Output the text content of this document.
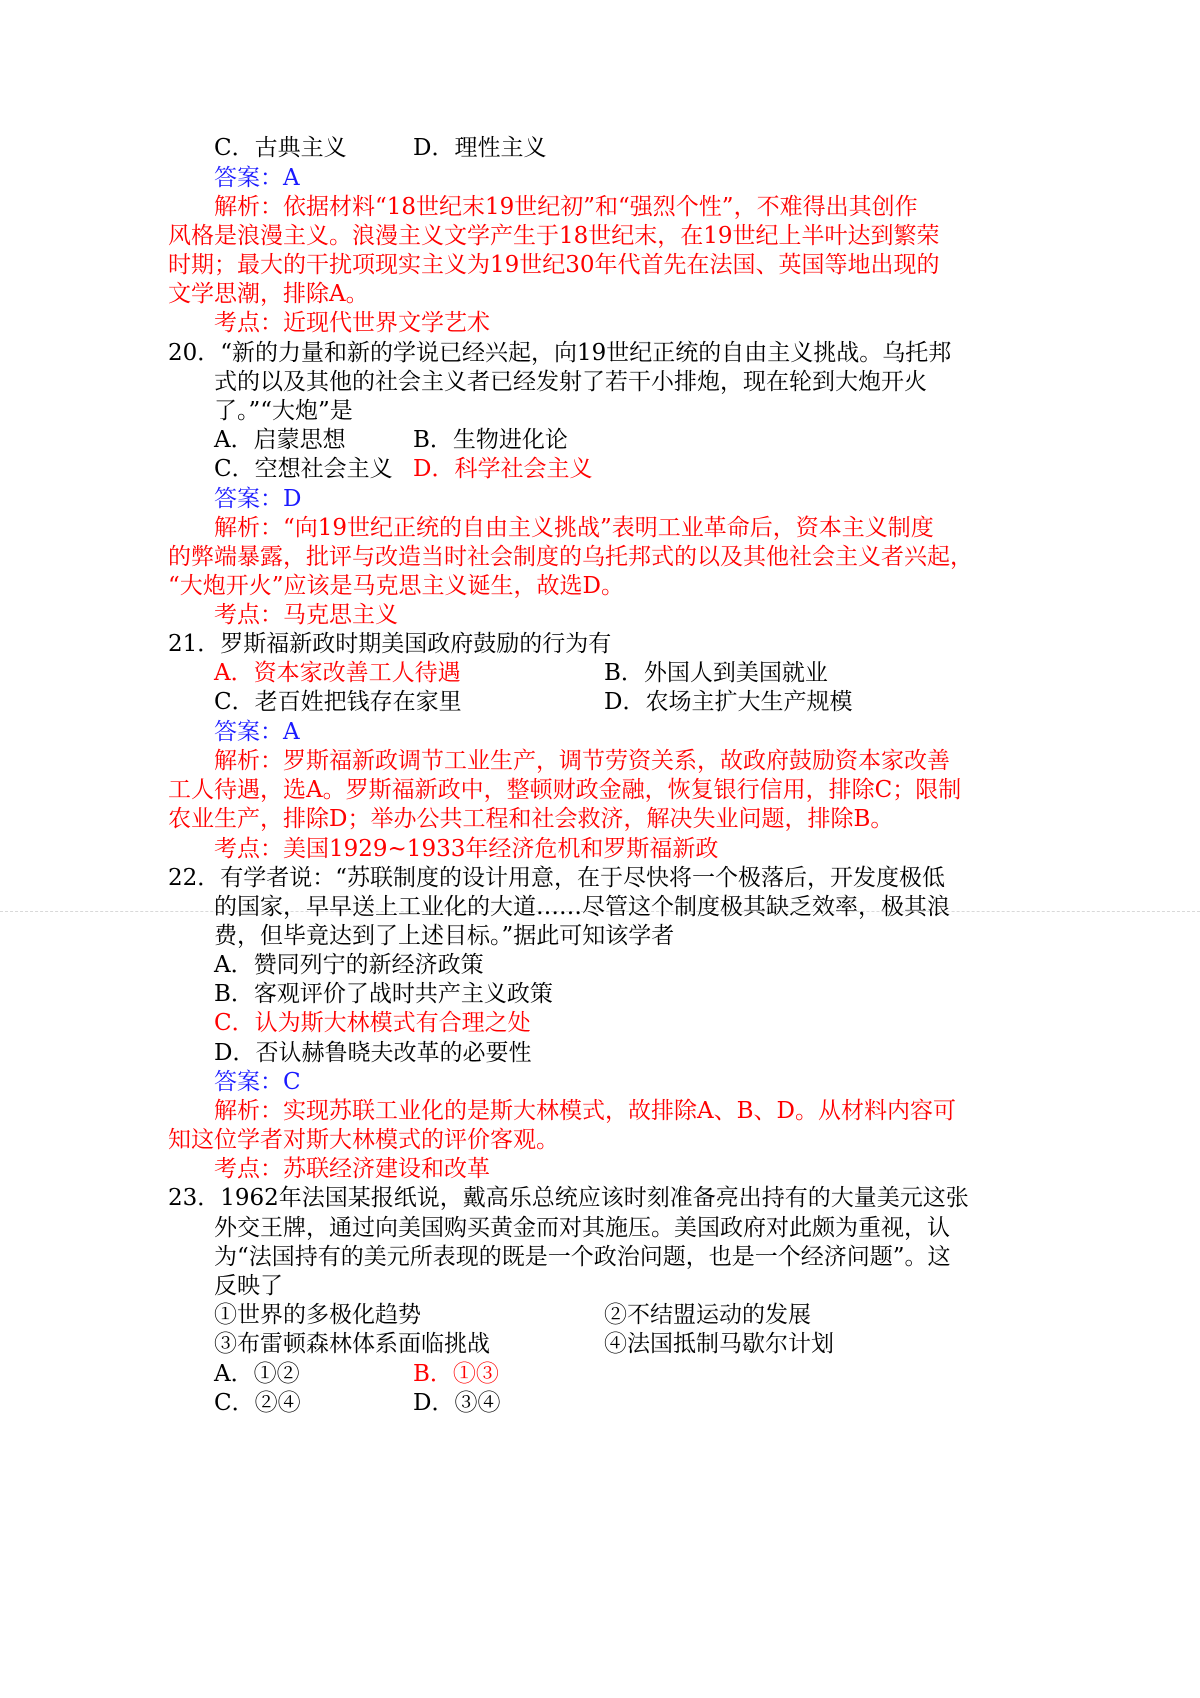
C．古典主义	D．理性主义
答案：A
解析：依据材料“18世纪末19世纪初”和“强烈个性”，不难得出其创作
风格是浪漫主义。浪漫主义文学产生于18世纪末，在19世纪上半叶达到繁荣
时期；最大的干扰项现实主义为19世纪30年代首先在法国、英国等地出现的
文学思潮，排除A。
考点：近现代世界文学艺术
20．“新的力量和新的学说已经兴起，向19世纪正统的自由主义挑战。乌托邦
式的以及其他的社会主义者已经发射了若干小排炮，现在轮到大炮开火
了。”“大炮”是
A．启蒙思想	B．生物进化论
C．空想社会主义 D．科学社会主义
答案：D
解析：“向19世纪正统的自由主义挑战”表明工业革命后，资本主义制度
的弊端暴露，批评与改造当时社会制度的乌托邦式的以及其他社会主义者兴起，
“大炮开火”应该是马克思主义诞生，故选D。
考点：马克思主义
21．罗斯福新政时期美国政府鼓励的行为有
A．资本家改善工人待遇	B．外国人到美国就业
C．老百姓把钱存在家里	D．农场主扩大生产规模
答案：A
解析：罗斯福新政调节工业生产，调节劳资关系，故政府鼓励资本家改善
工人待遇，选A。罗斯福新政中，整顿财政金融，恢复银行信用，排除C；限制
农业生产，排除D；举办公共工程和社会救济，解决失业问题，排除B。
考点：美国1929~1933年经济危机和罗斯福新政
22．有学者说：“苏联制度的设计用意，在于尽快将一个极落后，开发度极低
的国家，早早送上工业化的大道……尽管这个制度极其缺乏效率，极其浪
费，但毕竟达到了上述目标。”据此可知该学者
A．赞同列宁的新经济政策
B．客观评价了战时共产主义政策
C．认为斯大林模式有合理之处
D．否认赫鲁晓夫改革的必要性
答案：C
解析：实现苏联工业化的是斯大林模式，故排除A、B、D。从材料内容可
知这位学者对斯大林模式的评价客观。
考点：苏联经济建设和改革
23．1962年法国某报纸说，戴高乐总统应该时刻准备亮出持有的大量美元这张
外交王牌，通过向美国购买黄金而对其施压。美国政府对此颇为重视，认
为“法国持有的美元所表现的既是一个政治问题，也是一个经济问题”。这
反映了
①世界的多极化趋势	②不结盟运动的发展
③布雷顿森林体系面临挑战	④法国抵制马歇尔计划
A．①②	B．①③
C．②④	D．③④
